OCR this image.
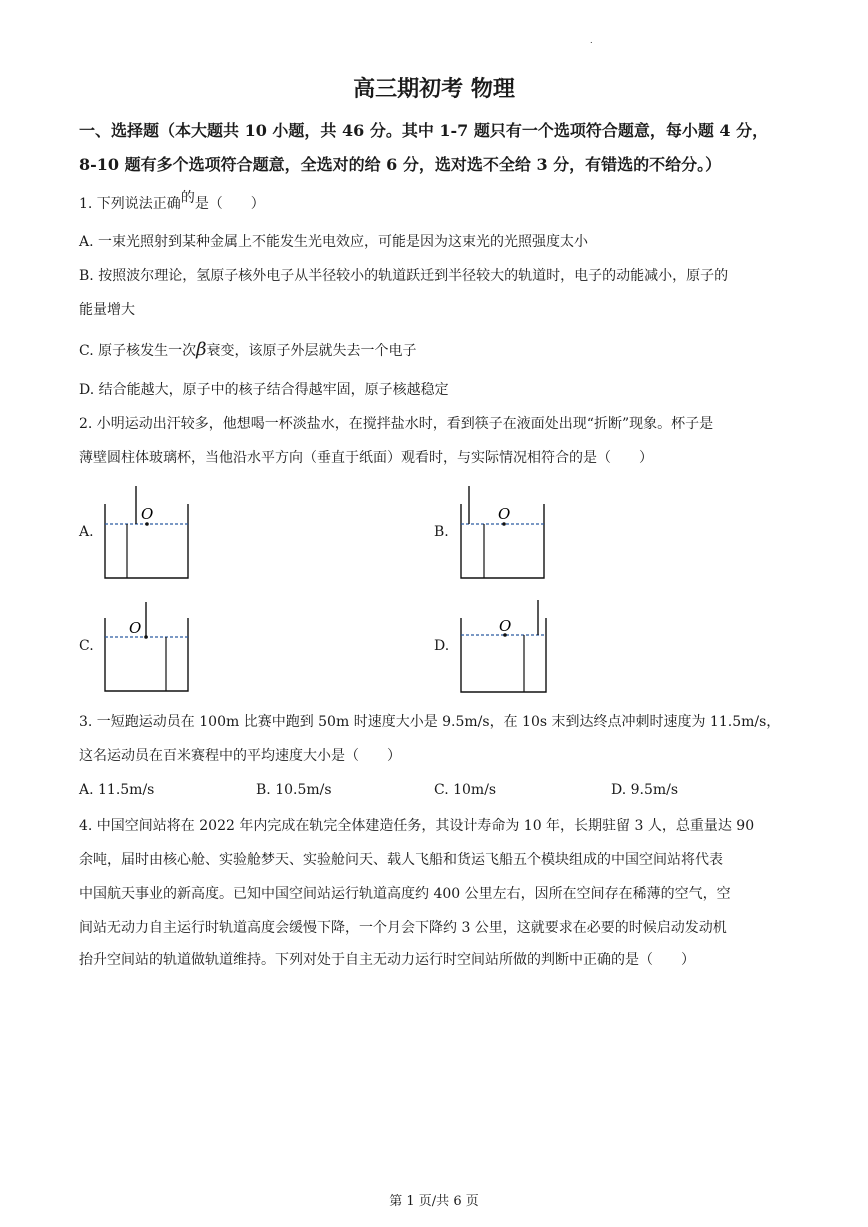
.
高三期初考 物理
一、选择题（本大题共 10 小题，共 46 分。其中 1-7 题只有一个选项符合题意，每小题 4 分，
8-10 题有多个选项符合题意，全选对的给 6 分，选对选不全给 3 分，有错选的不给分。）
1. 下列说法正确的是（　　）
A. 一束光照射到某种金属上不能发生光电效应，可能是因为这束光的光照强度太小
B. 按照波尔理论，氢原子核外电子从半径较小的轨道跃迁到半径较大的轨道时，电子的动能减小，原子的
能量增大
C. 原子核发生一次β衰变，该原子外层就失去一个电子
D. 结合能越大，原子中的核子结合得越牢固，原子核越稳定
2. 小明运动出汗较多，他想喝一杯淡盐水，在搅拌盐水时，看到筷子在液面处出现“折断”现象。杯子是
薄壁圆柱体玻璃杯，当他沿水平方向（垂直于纸面）观看时，与实际情况相符合的是（　　）
A.	B.
C.	D.
O	O
O	O
3. 一短跑运动员在 100m 比赛中跑到 50m 时速度大小是 9.5m/s，在 10s 末到达终点冲刺时速度为 11.5m/s，
这名运动员在百米赛程中的平均速度大小是（　　）
A. 11.5m/s	B. 10.5m/s	C. 10m/s	D. 9.5m/s
4. 中国空间站将在 2022 年内完成在轨完全体建造任务，其设计寿命为 10 年，长期驻留 3 人，总重量达 90
余吨，届时由核心舱、实验舱梦天、实验舱问天、载人飞船和货运飞船五个模块组成的中国空间站将代表
中国航天事业的新高度。已知中国空间站运行轨道高度约 400 公里左右，因所在空间存在稀薄的空气，空
间站无动力自主运行时轨道高度会缓慢下降，一个月会下降约 3 公里，这就要求在必要的时候启动发动机
抬升空间站的轨道做轨道维持。下列对处于自主无动力运行时空间站所做的判断中正确的是（　　）
第 1 页/共 6 页
